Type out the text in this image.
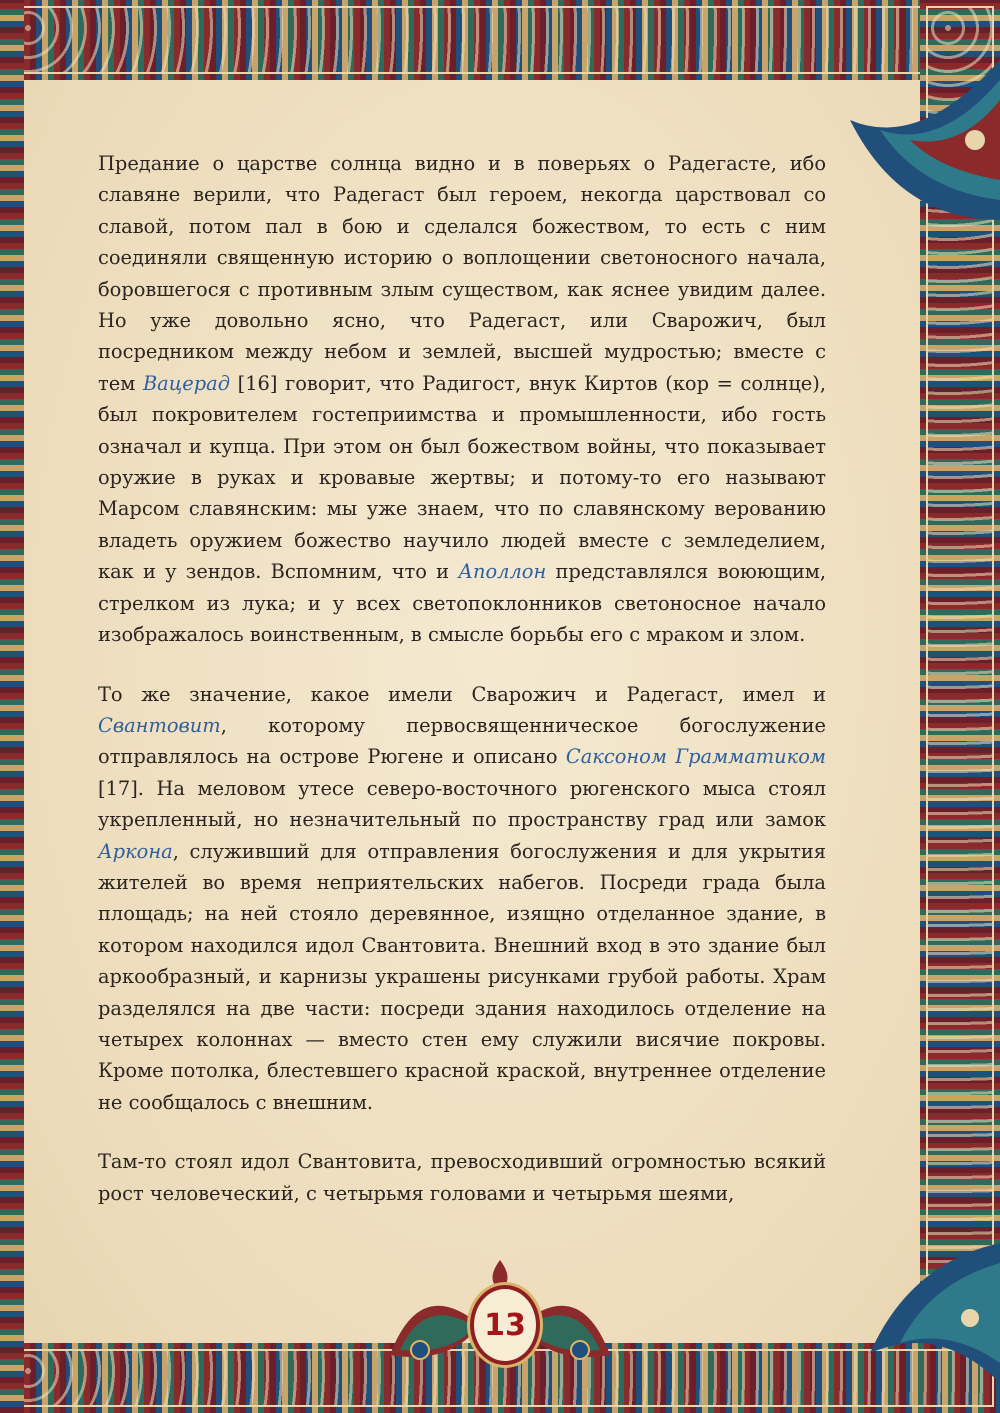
13

Предание о царстве солнца видно и в поверьях о Радегасте, ибо славяне верили, что Радегаст был героем, некогда царствовал со славой, потом пал в бою и сделался божеством, то есть с ним соединяли священную историю о воплощении светоносного начала, боровшегося с противным злым существом, как яснее увидим далее. Но уже довольно ясно, что Радегаст, или Сварожич, был посредником между небом и землей, высшей мудростью; вместе с тем Вацерад [16] говорит, что Радигост, внук Киртов (кор = солнце), был покровителем гостеприимства и промышленности, ибо гость означал и купца. При этом он был божеством войны, что показывает оружие в руках и кровавые жертвы; и потому-то его называют Марсом славянским: мы уже знаем, что по славянскому верованию владеть оружием божество научило людей вместе с земледелием, как и у зендов. Вспомним, что и Аполлон представлялся воюющим, стрелком из лука; и у всех светопоклонников светоносное начало изображалось воинственным, в смысле борьбы его с мраком и злом.

То же значение, какое имели Сварожич и Радегаст, имел и Свантовит, которому первосвященническое богослужение отправлялось на острове Рюгене и описано Саксоном Грамматиком [17]. На меловом утесе северо-восточного рюгенского мыса стоял укрепленный, но незначительный по пространству град или замок Аркона, служивший для отправления богослужения и для укрытия жителей во время неприятельских набегов. Посреди града была площадь; на ней стояло деревянное, изящно отделанное здание, в котором находился идол Свантовита. Внешний вход в это здание был аркообразный, и карнизы украшены рисунками грубой работы. Храм разделялся на две части: посреди здания находилось отделение на четырех колоннах — вместо стен ему служили висячие покровы. Кроме потолка, блестевшего красной краской, внутреннее отделение не сообщалось с внешним.

Там-то стоял идол Свантовита, превосходивший огромностью всякий рост человеческий, с четырьмя головами и четырьмя шеями,
